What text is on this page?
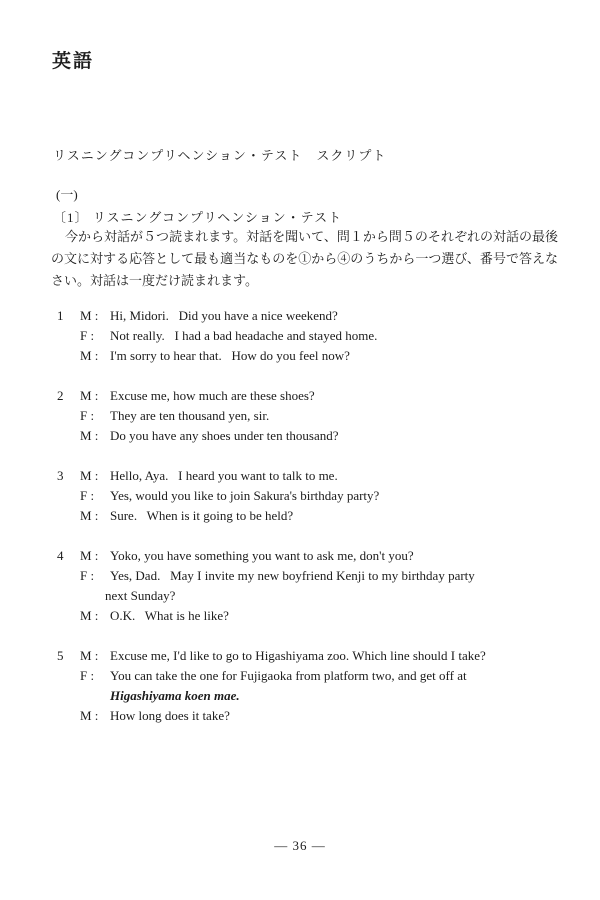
英語
リスニングコンプリヘンション・テスト　スクリプト
(一)
〔1〕 リスニングコンプリヘンション・テスト
今から対話が５つ読まれます。対話を聞いて、問１から問５のそれぞれの対話の最後の文に対する応答として最も適当なものを①から④のうちから一つ選び、番号で答えなさい。対話は一度だけ読まれます。
1	M : Hi, Midori.   Did you have a nice weekend?
F :	Not really.   I had a bad headache and stayed home.
M : I'm sorry to hear that.   How do you feel now?
2	M : Excuse me, how much are these shoes?
F :	They are ten thousand yen, sir.
M : Do you have any shoes under ten thousand?
3	M : Hello, Aya.   I heard you want to talk to me.
F :	Yes, would you like to join Sakura's birthday party?
M : Sure.   When is it going to be held?
4	M : Yoko, you have something you want to ask me, don't you?
F :	Yes, Dad.   May I invite my new boyfriend Kenji to my birthday party
next Sunday?
M : O.K.   What is he like?
5	M : Excuse me, I'd like to go to Higashiyama zoo. Which line should I take?
F :	You can take the one for Fujigaoka from platform two, and get off at
Higashiyama koen mae.
M : How long does it take?
— 36 —
